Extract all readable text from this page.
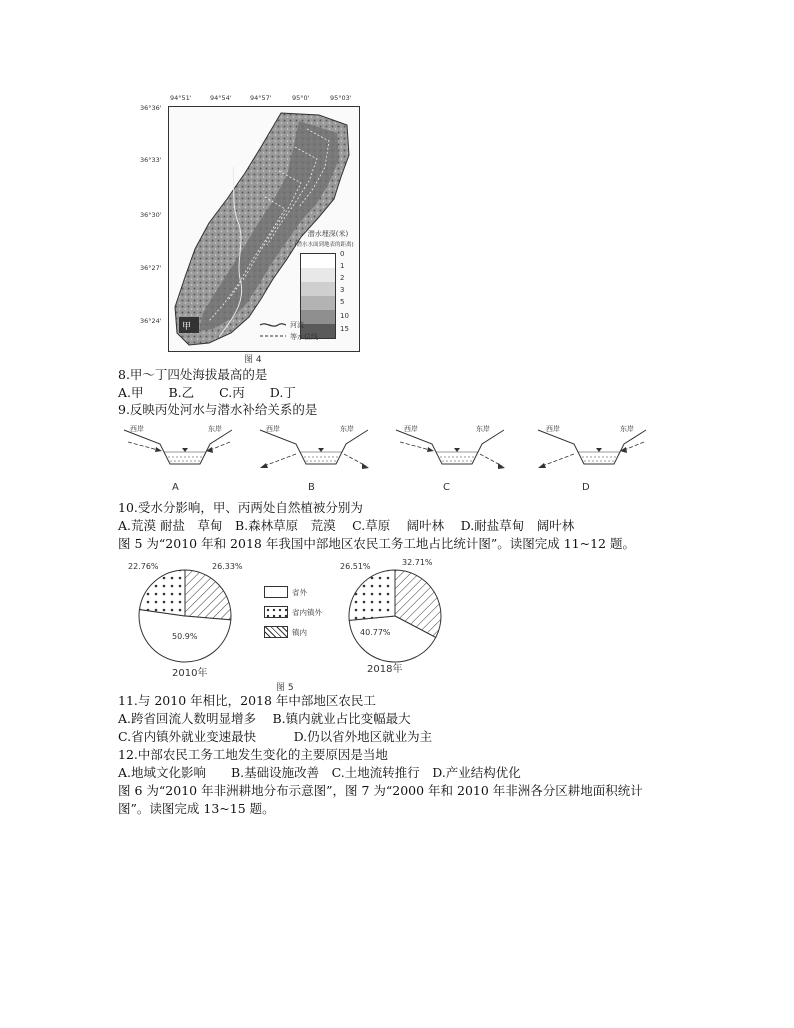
94°51'	94°54'	94°57'	95°0'	95°03'
36°36'
36°33'
36°30'
36°27'
36°24'
甲
潜水埋深(米)
(潜水水面到地表的距离)
0
1
2
3
5
10
15
河流
等水位线
图 4
8.甲～丁四处海拔最高的是
A.甲　　B.乙　　C.丙　　D.丁
9.反映丙处河水与潜水补给关系的是
西岸	东岸
A
西岸	东岸
B
西岸	东岸
C
西岸	东岸
D
10.受水分影响，甲、丙两处自然植被分别为
A.荒漠 耐盐　草甸　B.森林草原　荒漠　 C.草原　 阔叶林　 D.耐盐草甸　阔叶林
图 5 为“2010 年和 2018 年我国中部地区农民工务工地占比统计图”。读图完成 11~12 题。
省外
省内镇外
镇内
22.76%	26.33%
50.9%
26.51%	32.71%
40.77%
2010年	2018年
图 5
11.与 2010 年相比，2018 年中部地区农民工
A.跨省回流人数明显增多　 B.镇内就业占比变幅最大
C.省内镇外就业变速最快　　　D.仍以省外地区就业为主
12.中部农民工务工地发生变化的主要原因是当地
A.地域文化影响　　B.基础设施改善　C.土地流转推行　D.产业结构优化
图 6 为“2010 年非洲耕地分布示意图”，图 7 为“2000 年和 2010 年非洲各分区耕地面积统计
图”。读图完成 13~15 题。
